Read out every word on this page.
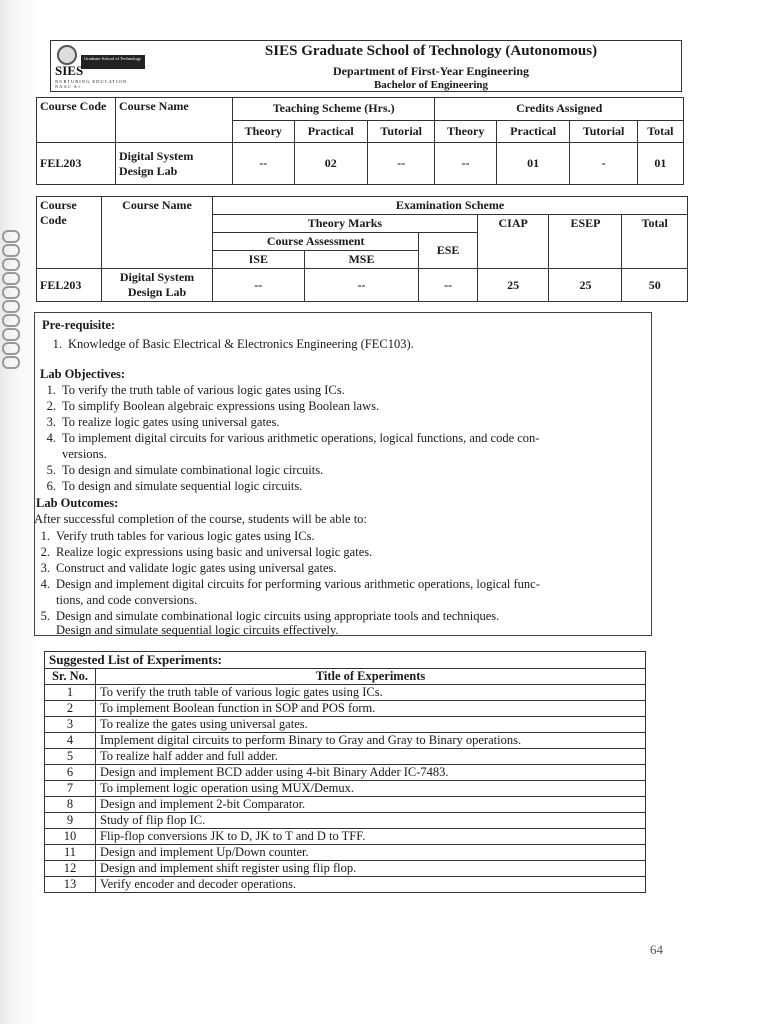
Graduate School of Technology
SIES
NURTURING EDUCATION NAAC A+
SIES Graduate School of Technology (Autonomous)
Department of First-Year Engineering
Bachelor of Engineering
Course Code	Course Name	Teaching Scheme (Hrs.)			Credits Assigned			
		Theory	Practical	Tutorial	Theory	Practical	Tutorial	Total
FEL203	Digital System Design Lab	--	02	--	--	01	-	01
Course Code	Course Name	Examination Scheme					
		Theory Marks			CIAP	ESEP	Total
		Course Assessment		ESE			
		ISE	MSE				
FEL203	Digital System Design Lab	--	--	--	25	25	50
Pre-requisite:
1. Knowledge of Basic Electrical & Electronics Engineering (FEC103).
Lab Objectives:
1. To verify the truth table of various logic gates using ICs.
2. To simplify Boolean algebraic expressions using Boolean laws.
3. To realize logic gates using universal gates.
4. To implement digital circuits for various arithmetic operations, logical functions, and code con-
versions.
5. To design and simulate combinational logic circuits.
6. To design and simulate sequential logic circuits.
Lab Outcomes:
After successful completion of the course, students will be able to:
1. Verify truth tables for various logic gates using ICs.
2. Realize logic expressions using basic and universal logic gates.
3. Construct and validate logic gates using universal gates.
4. Design and implement digital circuits for performing various arithmetic operations, logical func-
tions, and code conversions.
5. Design and simulate combinational logic circuits using appropriate tools and techniques.
Design and simulate sequential logic circuits effectively.
Suggested List of Experiments:	
Sr. No.	Title of Experiments
1	To verify the truth table of various logic gates using ICs.
2	To implement Boolean function in SOP and POS form.
3	To realize the gates using universal gates.
4	Implement digital circuits to perform Binary to Gray and Gray to Binary operations.
5	To realize half adder and full adder.
6	Design and implement BCD adder using 4-bit Binary Adder IC-7483.
7	To implement logic operation using MUX/Demux.
8	Design and implement 2-bit Comparator.
9	Study of flip flop IC.
10	Flip-flop conversions JK to D, JK to T and D to TFF.
11	Design and implement Up/Down counter.
12	Design and implement shift register using flip flop.
13	Verify encoder and decoder operations.
64
